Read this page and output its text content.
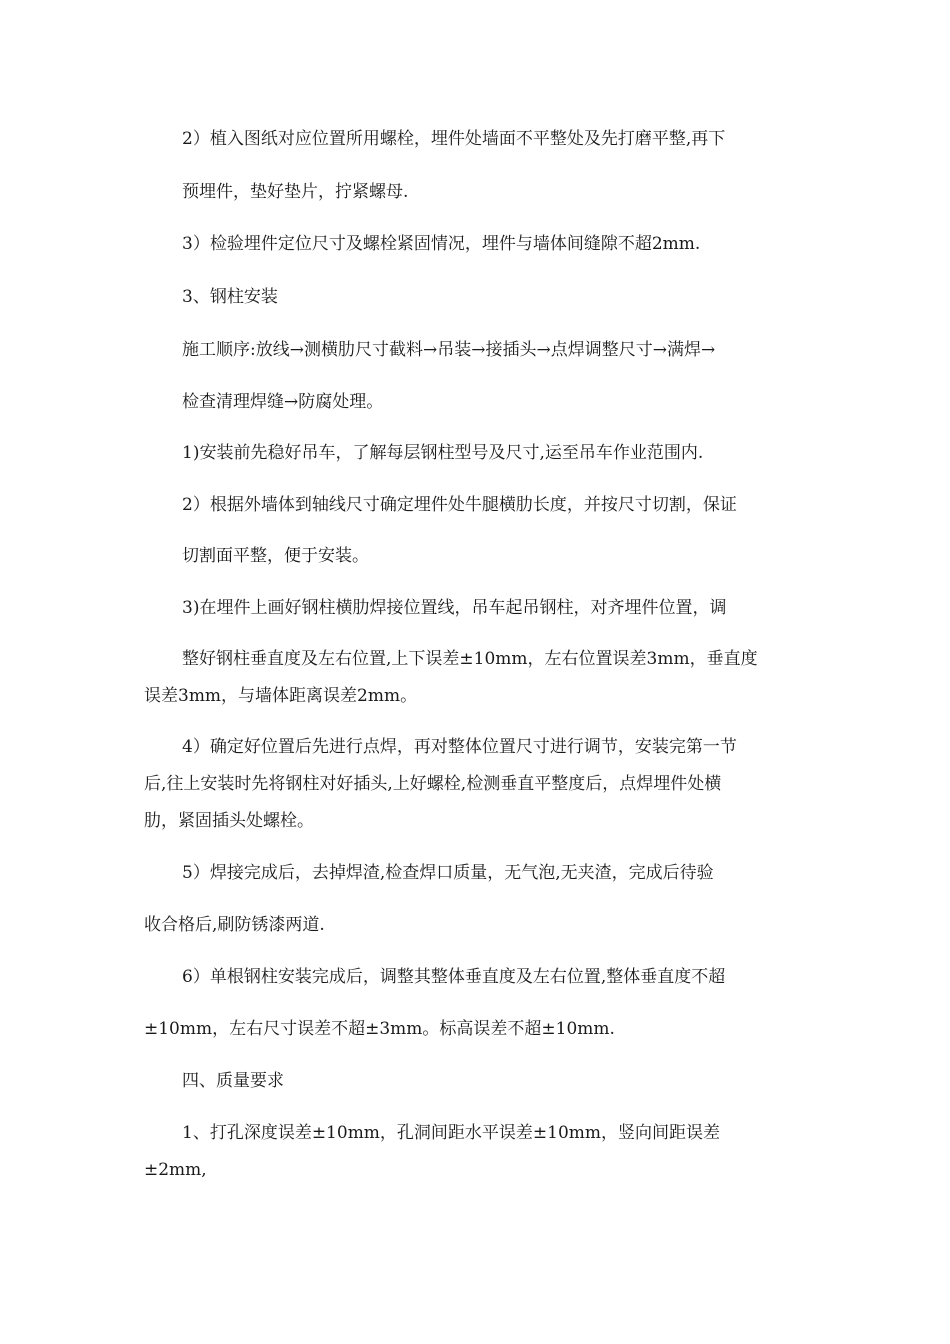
2）植入图纸对应位置所用螺栓，埋件处墙面不平整处及先打磨平整,再下
预埋件，垫好垫片，拧紧螺母.
3）检验埋件定位尺寸及螺栓紧固情况，埋件与墙体间缝隙不超2mm.
3、钢柱安装
施工顺序:放线→测横肋尺寸截料→吊装→接插头→点焊调整尺寸→满焊→
检查清理焊缝→防腐处理。
1)安装前先稳好吊车，了解每层钢柱型号及尺寸,运至吊车作业范围内.
2）根据外墙体到轴线尺寸确定埋件处牛腿横肋长度，并按尺寸切割，保证
切割面平整，便于安装。
3)在埋件上画好钢柱横肋焊接位置线，吊车起吊钢柱，对齐埋件位置，调
整好钢柱垂直度及左右位置,上下误差±10mm，左右位置误差3mm，垂直度
误差3mm，与墙体距离误差2mm。
4）确定好位置后先进行点焊，再对整体位置尺寸进行调节，安装完第一节
后,往上安装时先将钢柱对好插头,上好螺栓,检测垂直平整度后，点焊埋件处横
肋，紧固插头处螺栓。
5）焊接完成后，去掉焊渣,检查焊口质量，无气泡,无夹渣，完成后待验
收合格后,刷防锈漆两道.
6）单根钢柱安装完成后，调整其整体垂直度及左右位置,整体垂直度不超
±10mm，左右尺寸误差不超±3mm。标高误差不超±10mm.
四、质量要求
1、打孔深度误差±10mm，孔洞间距水平误差±10mm，竖向间距误差
±2mm,
